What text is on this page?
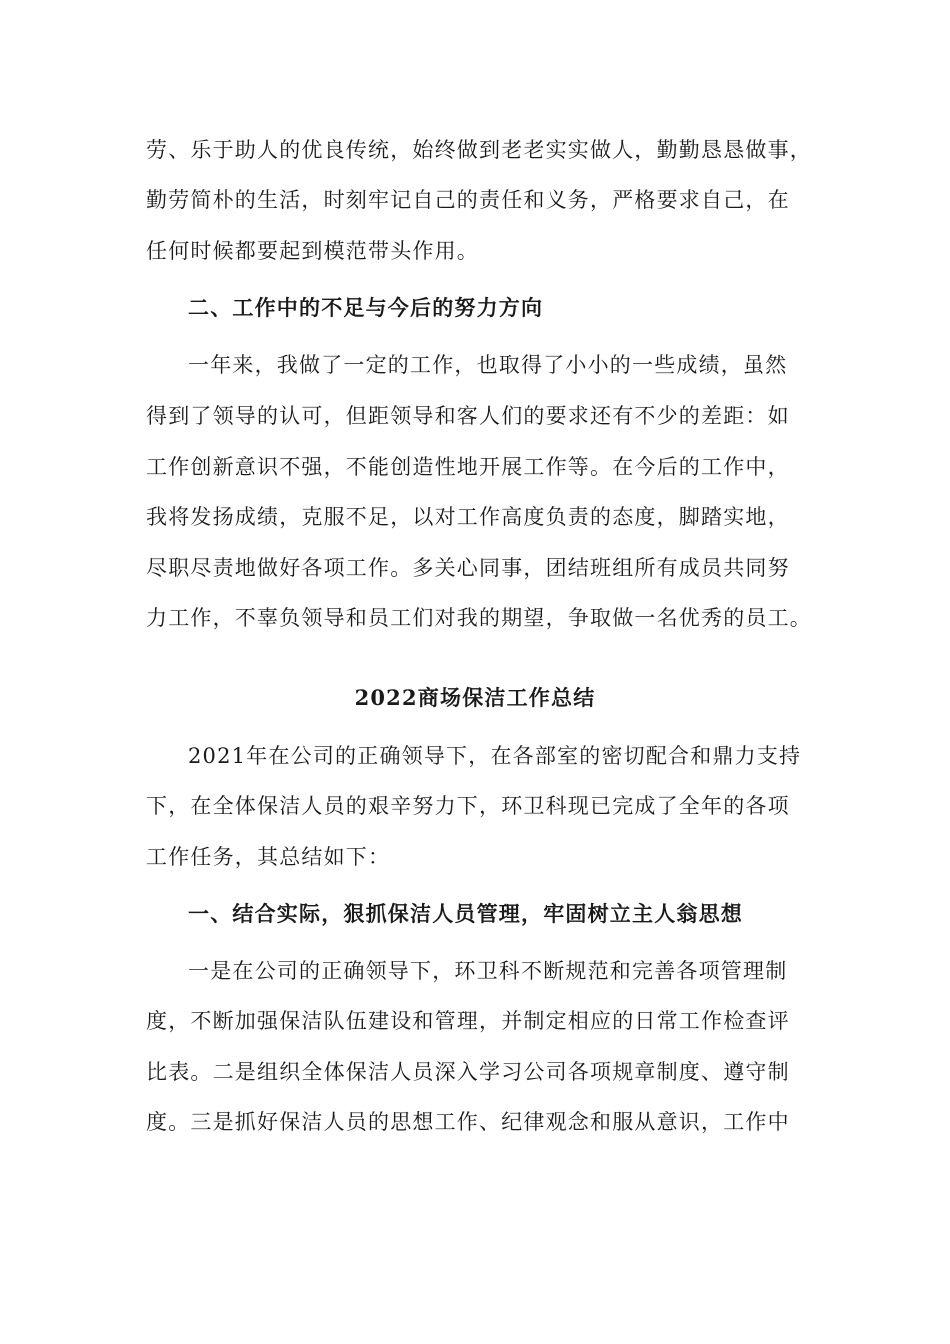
劳、乐于助人的优良传统，始终做到老老实实做人，勤勤恳恳做事，
勤劳简朴的生活，时刻牢记自己的责任和义务，严格要求自己，在
任何时候都要起到模范带头作用。
二、工作中的不足与今后的努力方向
一年来，我做了一定的工作，也取得了小小的一些成绩，虽然
得到了领导的认可，但距领导和客人们的要求还有不少的差距：如
工作创新意识不强，不能创造性地开展工作等。在今后的工作中，
我将发扬成绩，克服不足，以对工作高度负责的态度，脚踏实地，
尽职尽责地做好各项工作。多关心同事，团结班组所有成员共同努
力工作，不辜负领导和员工们对我的期望，争取做一名优秀的员工。
2022商场保洁工作总结
2021年在公司的正确领导下，在各部室的密切配合和鼎力支持
下，在全体保洁人员的艰辛努力下，环卫科现已完成了全年的各项
工作任务，其总结如下：
一、结合实际，狠抓保洁人员管理，牢固树立主人翁思想
一是在公司的正确领导下，环卫科不断规范和完善各项管理制
度，不断加强保洁队伍建设和管理，并制定相应的日常工作检查评
比表。二是组织全体保洁人员深入学习公司各项规章制度、遵守制
度。三是抓好保洁人员的思想工作、纪律观念和服从意识，工作中
